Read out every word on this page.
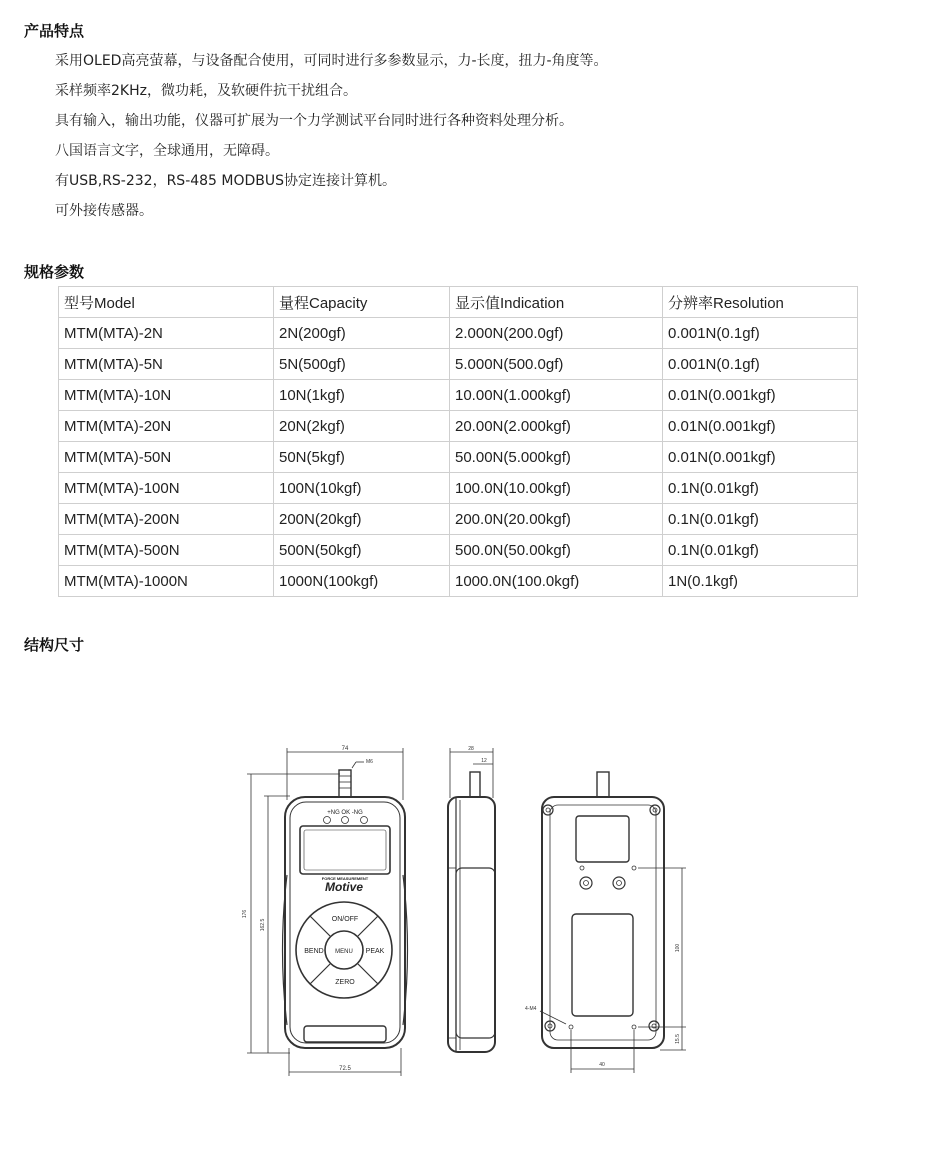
产品特点
采用OLED高亮萤幕，与设备配合使用，可同时进行多参数显示，力-长度，扭力-角度等。
采样频率2KHz，微功耗，及软硬件抗干扰组合。
具有输入，输出功能，仪器可扩展为一个力学测试平台同时进行各种资料处理分析。
八国语言文字，全球通用，无障碍。
有USB,RS-232，RS-485 MODBUS协定连接计算机。
可外接传感器。
规格参数
型号Model	量程Capacity	显示值Indication	分辨率Resolution
MTM(MTA)-2N	2N(200gf)	2.000N(200.0gf)	0.001N(0.1gf)
MTM(MTA)-5N	5N(500gf)	5.000N(500.0gf)	0.001N(0.1gf)
MTM(MTA)-10N	10N(1kgf)	10.00N(1.000kgf)	0.01N(0.001kgf)
MTM(MTA)-20N	20N(2kgf)	20.00N(2.000kgf)	0.01N(0.001kgf)
MTM(MTA)-50N	50N(5kgf)	50.00N(5.000kgf)	0.01N(0.001kgf)
MTM(MTA)-100N	100N(10kgf)	100.0N(10.00kgf)	0.1N(0.01kgf)
MTM(MTA)-200N	200N(20kgf)	200.0N(20.00kgf)	0.1N(0.01kgf)
MTM(MTA)-500N	500N(50kgf)	500.0N(50.00kgf)	0.1N(0.01kgf)
MTM(MTA)-1000N	1000N(100kgf)	1000.0N(100.0kgf)	1N(0.1kgf)
结构尺寸
74
M6
176
162.5
72.5
+NG OK -NG
FORCE MEASUREMENT
Motive
ON/OFF
BEND MENU PEAK
ZERO
28
12
4-M4
100
15.5
40
